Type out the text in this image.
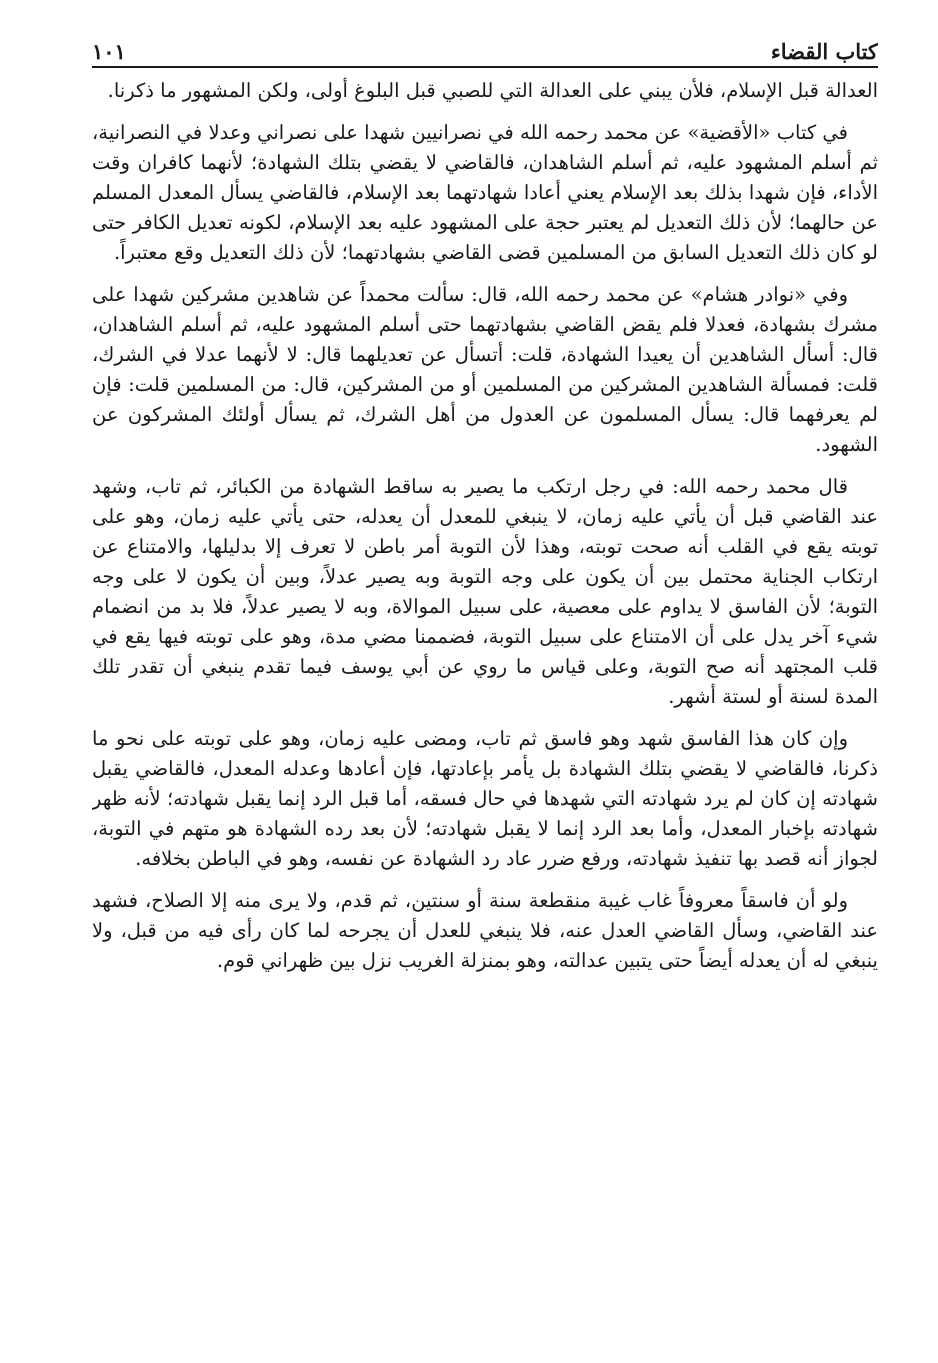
كتاب القضاء
١٠١

العدالة قبل الإسلام، فلأن يبني على العدالة التي للصبي قبل البلوغ أولى، ولكن المشهور ما ذكرنا.

في كتاب «الأقضية» عن محمد رحمه الله في نصرانيين شهدا على نصراني وعدلا في النصرانية، ثم أسلم المشهود عليه، ثم أسلم الشاهدان، فالقاضي لا يقضي بتلك الشهادة؛ لأنهما كافران وقت الأداء، فإن شهدا بذلك بعد الإسلام يعني أعادا شهادتهما بعد الإسلام، فالقاضي يسأل المعدل المسلم عن حالهما؛ لأن ذلك التعديل لم يعتبر حجة على المشهود عليه بعد الإسلام، لكونه تعديل الكافر حتى لو كان ذلك التعديل السابق من المسلمين قضى القاضي بشهادتهما؛ لأن ذلك التعديل وقع معتبراً.

وفي «نوادر هشام» عن محمد رحمه الله، قال: سألت محمداً عن شاهدين مشركين شهدا على مشرك بشهادة، فعدلا فلم يقض القاضي بشهادتهما حتى أسلم المشهود عليه، ثم أسلم الشاهدان، قال: أسأل الشاهدين أن يعيدا الشهادة، قلت: أتسأل عن تعديلهما قال: لا لأنهما عدلا في الشرك، قلت: فمسألة الشاهدين المشركين من المسلمين أو من المشركين، قال: من المسلمين قلت: فإن لم يعرفهما قال: يسأل المسلمون عن العدول من أهل الشرك، ثم يسأل أولئك المشركون عن الشهود.

قال محمد رحمه الله: في رجل ارتكب ما يصير به ساقط الشهادة من الكبائر، ثم تاب، وشهد عند القاضي قبل أن يأتي عليه زمان، لا ينبغي للمعدل أن يعدله، حتى يأتي عليه زمان، وهو على توبته يقع في القلب أنه صحت توبته، وهذا لأن التوبة أمر باطن لا تعرف إلا بدليلها، والامتناع عن ارتكاب الجناية محتمل بين أن يكون على وجه التوبة وبه يصير عدلاً، وبين أن يكون لا على وجه التوبة؛ لأن الفاسق لا يداوم على معصية، على سبيل الموالاة، وبه لا يصير عدلاً، فلا بد من انضمام شيء آخر يدل على أن الامتناع على سبيل التوبة، فضممنا مضي مدة، وهو على توبته فيها يقع في قلب المجتهد أنه صح التوبة، وعلى قياس ما روي عن أبي يوسف فيما تقدم ينبغي أن تقدر تلك المدة لسنة أو لستة أشهر.

وإن كان هذا الفاسق شهد وهو فاسق ثم تاب، ومضى عليه زمان، وهو على توبته على نحو ما ذكرنا، فالقاضي لا يقضي بتلك الشهادة بل يأمر بإعادتها، فإن أعادها وعدله المعدل، فالقاضي يقبل شهادته إن كان لم يرد شهادته التي شهدها في حال فسقه، أما قبل الرد إنما يقبل شهادته؛ لأنه ظهر شهادته بإخبار المعدل، وأما بعد الرد إنما لا يقبل شهادته؛ لأن بعد رده الشهادة هو متهم في التوبة، لجواز أنه قصد بها تنفيذ شهادته، ورفع ضرر عاد رد الشهادة عن نفسه، وهو في الباطن بخلافه.

ولو أن فاسقاً معروفاً غاب غيبة منقطعة سنة أو سنتين، ثم قدم، ولا يرى منه إلا الصلاح، فشهد عند القاضي، وسأل القاضي العدل عنه، فلا ينبغي للعدل أن يجرحه لما كان رأى فيه من قبل، ولا ينبغي له أن يعدله أيضاً حتى يتبين عدالته، وهو بمنزلة الغريب نزل بين ظهراني قوم.
